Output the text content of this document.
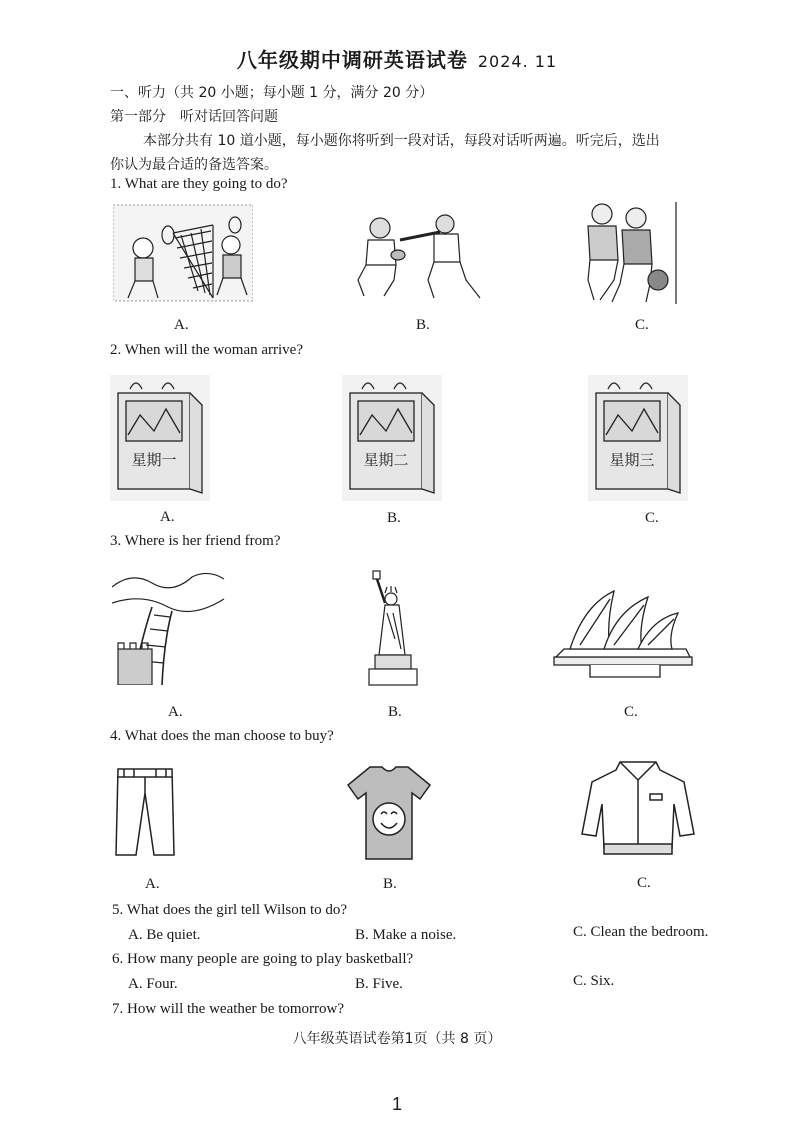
八年级期中调研英语试卷 2024. 11
一、听力（共 20 小题；每小题 1 分，满分 20 分）
第一部分　听对话回答问题
本部分共有 10 道小题，每小题你将听到一段对话，每段对话听两遍。听完后，选出
你认为最合适的备选答案。
1. What are they going to do?
A.	B.	C.
2. When will the woman arrive?
星期一	星期二	星期三
A.	B.	C.
3. Where is her friend from?
A.	B.	C.
4. What does the man choose to buy?
A.	B.	C.
5. What does the girl tell Wilson to do?
A. Be quiet.	B. Make a noise.	C. Clean the bedroom.
6. How many people are going to play basketball?
A. Four.	B. Five.	C. Six.
7. How will the weather be tomorrow?
八年级英语试卷第1页（共 8 页）
1
